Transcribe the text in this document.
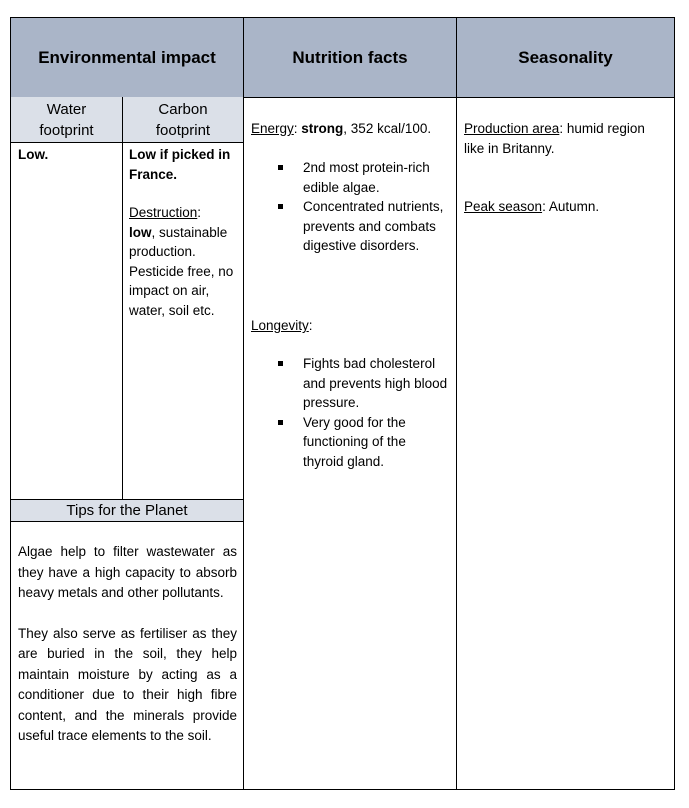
Environmental impact
Water
footprint
Carbon
footprint
Low.	Low if picked in France.
Destruction:
low, sustainable production. Pesticide free, no impact on air, water, soil etc.
Tips for the Planet

Algae help to filter wastewater as they have a high capacity to absorb heavy metals and other pollutants.

They also serve as fertiliser as they are buried in the soil, they help maintain moisture by acting as a conditioner due to their high fibre content, and the minerals provide useful trace elements to the soil.

Nutrition facts
Energy: strong, 352 kcal/100.
2nd most protein-rich edible algae.
Concentrated nutrients, prevents and combats digestive disorders.
Longevity:
Fights bad cholesterol and prevents high blood pressure.
Very good for the functioning of the thyroid gland.
Seasonality
Production area: humid region like in Britanny.
Peak season: Autumn.
